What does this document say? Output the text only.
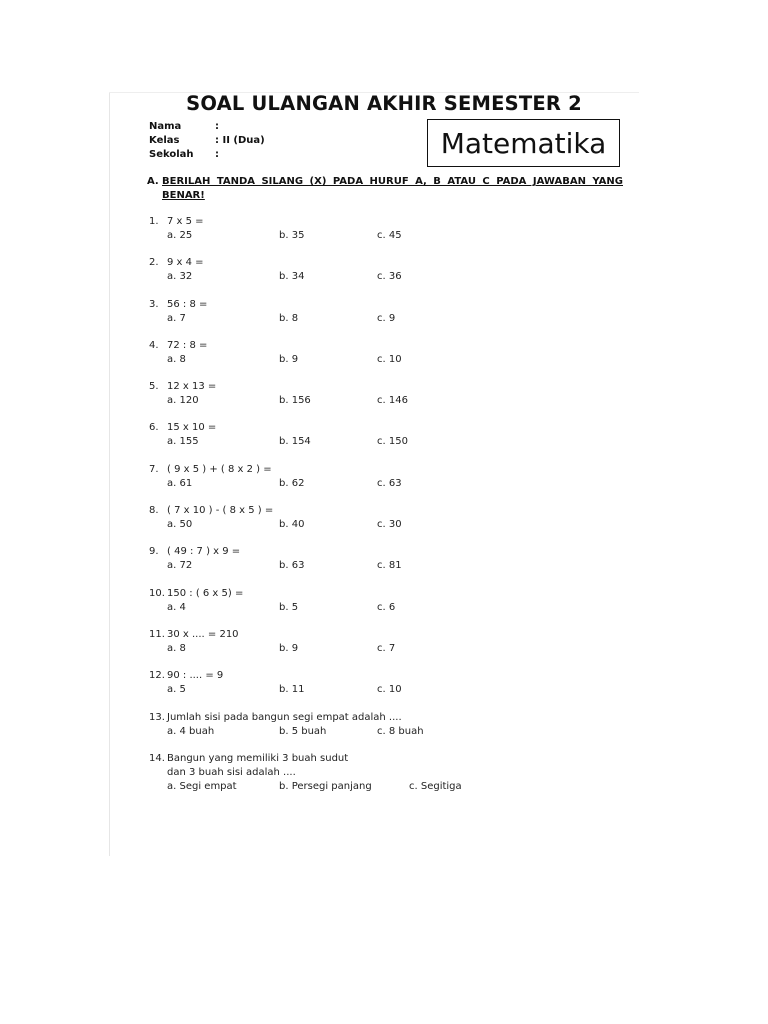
SOAL ULANGAN AKHIR SEMESTER 2
Nama	:
Kelas	: II (Dua)
Sekolah :	Matematika
A. BERILAH TANDA SILANG (X) PADA HURUF A, B ATAU C PADA JAWABAN YANG BENAR!
1. 7 x 5 =
a. 25	b. 35	c. 45
2. 9 x 4 =
a. 32	b. 34	c. 36
3. 56 : 8 =
a. 7	b. 8	c. 9
4. 72 : 8 =
a. 8	b. 9	c. 10
5. 12 x 13 =
a. 120	b. 156	c. 146
6. 15 x 10 =
a. 155	b. 154	c. 150
7. ( 9 x 5 ) + ( 8 x 2 ) =
a. 61	b. 62	c. 63
8. ( 7 x 10 ) - ( 8 x 5 ) =
a. 50	b. 40	c. 30
9. ( 49 : 7 ) x 9 =
a. 72	b. 63	c. 81
10. 150 : ( 6 x 5) =
a. 4	b. 5	c. 6
11. 30 x .... = 210
a. 8	b. 9	c. 7
12. 90 : .... = 9
a. 5	b. 11	c. 10
13. Jumlah sisi pada bangun segi empat adalah ....
a. 4 buah	b. 5 buah	c. 8 buah
14. Bangun yang memiliki 3 buah sudut
dan 3 buah sisi adalah ....
a. Segi empat	b. Persegi panjang	c. Segitiga
